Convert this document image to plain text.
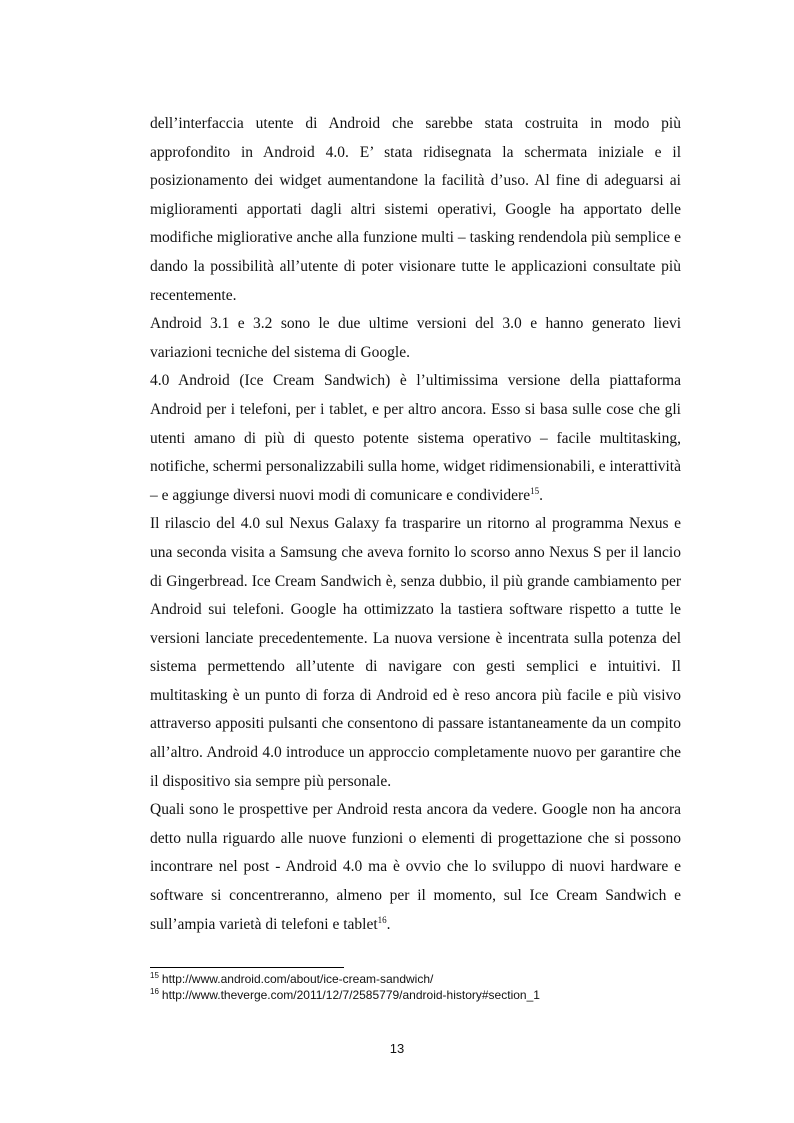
dell’interfaccia utente di Android che sarebbe stata costruita in modo più approfondito in Android 4.0. E’ stata ridisegnata la schermata iniziale e il posizionamento dei widget aumentandone la facilità d’uso. Al fine di adeguarsi ai miglioramenti apportati dagli altri sistemi operativi, Google ha apportato delle modifiche migliorative anche alla funzione multi – tasking rendendola più semplice e dando la possibilità all’utente di poter visionare tutte le applicazioni consultate più recentemente.

Android 3.1 e 3.2 sono le due ultime versioni del 3.0 e hanno generato lievi variazioni tecniche del sistema di Google.

4.0 Android (Ice Cream Sandwich) è l’ultimissima versione della piattaforma Android per i telefoni, per i tablet, e per altro ancora. Esso si basa sulle cose che gli utenti amano di più di questo potente sistema operativo – facile multitasking, notifiche, schermi personalizzabili sulla home, widget ridimensionabili, e interattività – e aggiunge diversi nuovi modi di comunicare e condividere$^{15}$.

Il rilascio del 4.0 sul Nexus Galaxy fa trasparire un ritorno al programma Nexus e una seconda visita a Samsung che aveva fornito lo scorso anno Nexus S per il lancio di Gingerbread. Ice Cream Sandwich è, senza dubbio, il più grande cambiamento per Android sui telefoni. Google ha ottimizzato la tastiera software rispetto a tutte le versioni lanciate precedentemente. La nuova versione è incentrata sulla potenza del sistema permettendo all’utente di navigare con gesti semplici e intuitivi. Il multitasking è un punto di forza di Android ed è reso ancora più facile e più visivo attraverso appositi pulsanti che consentono di passare istantaneamente da un compito all’altro. Android 4.0 introduce un approccio completamente nuovo per garantire che il dispositivo sia sempre più personale.

Quali sono le prospettive per Android resta ancora da vedere. Google non ha ancora detto nulla riguardo alle nuove funzioni o elementi di progettazione che si possono incontrare nel post - Android 4.0 ma è ovvio che lo sviluppo di nuovi hardware e software si concentreranno, almeno per il momento, sul Ice Cream Sandwich e sull’ampia varietà di telefoni e tablet$^{16}$.

$^{15}$ http://www.android.com/about/ice-cream-sandwich/
$^{16}$ http://www.theverge.com/2011/12/7/2585779/android-history#section_1
13
